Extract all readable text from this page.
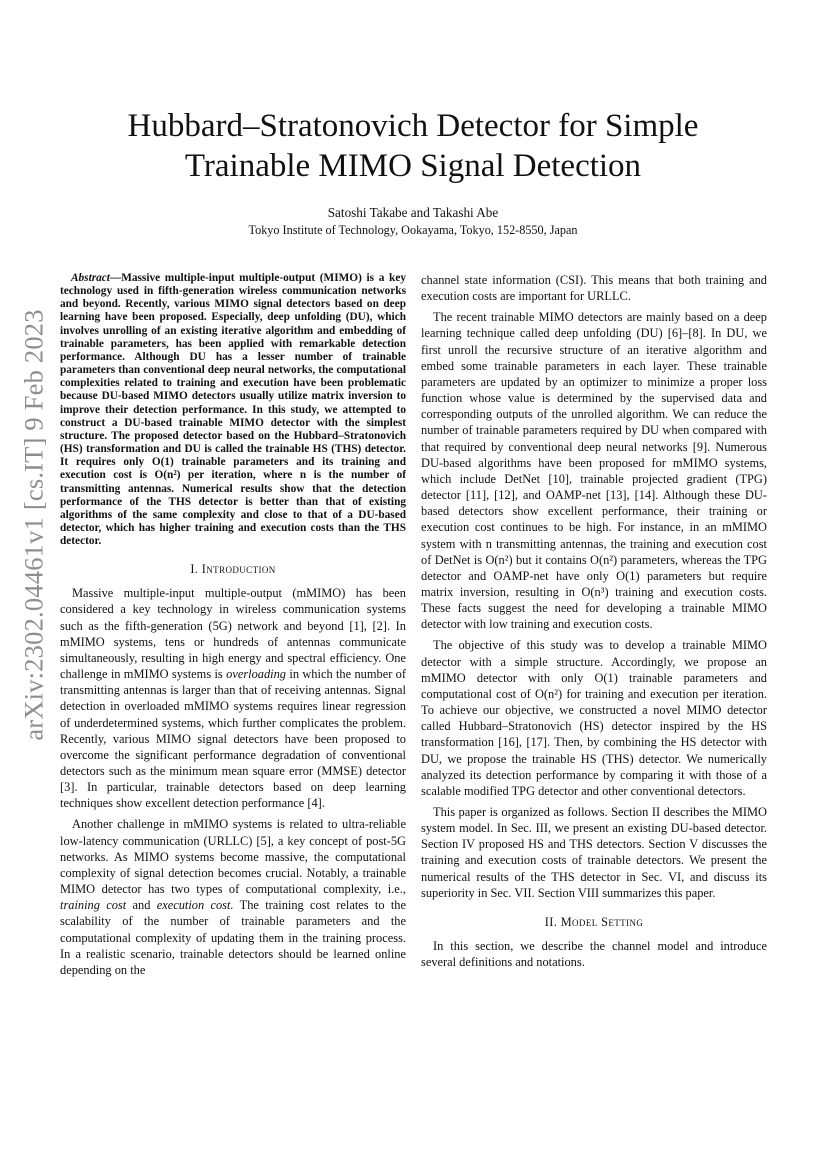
arXiv:2302.04461v1 [cs.IT] 9 Feb 2023
Hubbard–Stratonovich Detector for Simple
Trainable MIMO Signal Detection
Satoshi Takabe and Takashi Abe
Tokyo Institute of Technology, Ookayama, Tokyo, 152-8550, Japan

Abstract—Massive multiple-input multiple-output (MIMO) is a key technology used in fifth-generation wireless communication networks and beyond. Recently, various MIMO signal detectors based on deep learning have been proposed. Especially, deep unfolding (DU), which involves unrolling of an existing iterative algorithm and embedding of trainable parameters, has been applied with remarkable detection performance. Although DU has a lesser number of trainable parameters than conventional deep neural networks, the computational complexities related to training and execution have been problematic because DU-based MIMO detectors usually utilize matrix inversion to improve their detection performance. In this study, we attempted to construct a DU-based trainable MIMO detector with the simplest structure. The proposed detector based on the Hubbard–Stratonovich (HS) transformation and DU is called the trainable HS (THS) detector. It requires only O(1) trainable parameters and its training and execution cost is O(n²) per iteration, where n is the number of transmitting antennas. Numerical results show that the detection performance of the THS detector is better than that of existing algorithms of the same complexity and close to that of a DU-based detector, which has higher training and execution costs than the THS detector.

I. Introduction

Massive multiple-input multiple-output (mMIMO) has been considered a key technology in wireless communication systems such as the fifth-generation (5G) network and beyond [1], [2]. In mMIMO systems, tens or hundreds of antennas communicate simultaneously, resulting in high energy and spectral efficiency. One challenge in mMIMO systems is overloading in which the number of transmitting antennas is larger than that of receiving antennas. Signal detection in overloaded mMIMO systems requires linear regression of underdetermined systems, which further complicates the problem. Recently, various MIMO signal detectors have been proposed to overcome the significant performance degradation of conventional detectors such as the minimum mean square error (MMSE) detector [3]. In particular, trainable detectors based on deep learning techniques show excellent detection performance [4].

Another challenge in mMIMO systems is related to ultra-reliable low-latency communication (URLLC) [5], a key concept of post-5G networks. As MIMO systems become massive, the computational complexity of signal detection becomes crucial. Notably, a trainable MIMO detector has two types of computational complexity, i.e., training cost and execution cost. The training cost relates to the scalability of the number of trainable parameters and the computational complexity of updating them in the training process. In a realistic scenario, trainable detectors should be learned online depending on the

channel state information (CSI). This means that both training and execution costs are important for URLLC.

The recent trainable MIMO detectors are mainly based on a deep learning technique called deep unfolding (DU) [6]–[8]. In DU, we first unroll the recursive structure of an iterative algorithm and embed some trainable parameters in each layer. These trainable parameters are updated by an optimizer to minimize a proper loss function whose value is determined by the supervised data and corresponding outputs of the unrolled algorithm. We can reduce the number of trainable parameters required by DU when compared with that required by conventional deep neural networks [9]. Numerous DU-based algorithms have been proposed for mMIMO systems, which include DetNet [10], trainable projected gradient (TPG) detector [11], [12], and OAMP-net [13], [14]. Although these DU-based detectors show excellent performance, their training or execution cost continues to be high. For instance, in an mMIMO system with n transmitting antennas, the training and execution cost of DetNet is O(n²) but it contains O(n²) parameters, whereas the TPG detector and OAMP-net have only O(1) parameters but require matrix inversion, resulting in O(n³) training and execution costs. These facts suggest the need for developing a trainable MIMO detector with low training and execution costs.

The objective of this study was to develop a trainable MIMO detector with a simple structure. Accordingly, we propose an mMIMO detector with only O(1) trainable parameters and computational cost of O(n²) for training and execution per iteration. To achieve our objective, we constructed a novel MIMO detector called Hubbard–Stratonovich (HS) detector inspired by the HS transformation [16], [17]. Then, by combining the HS detector with DU, we propose the trainable HS (THS) detector. We numerically analyzed its detection performance by comparing it with those of a scalable modified TPG detector and other conventional detectors.

This paper is organized as follows. Section II describes the MIMO system model. In Sec. III, we present an existing DU-based detector. Section IV proposed HS and THS detectors. Section V discusses the training and execution costs of trainable detectors. We present the numerical results of the THS detector in Sec. VI, and discuss its superiority in Sec. VII. Section VIII summarizes this paper.

II. Model Setting

In this section, we describe the channel model and introduce several definitions and notations.
